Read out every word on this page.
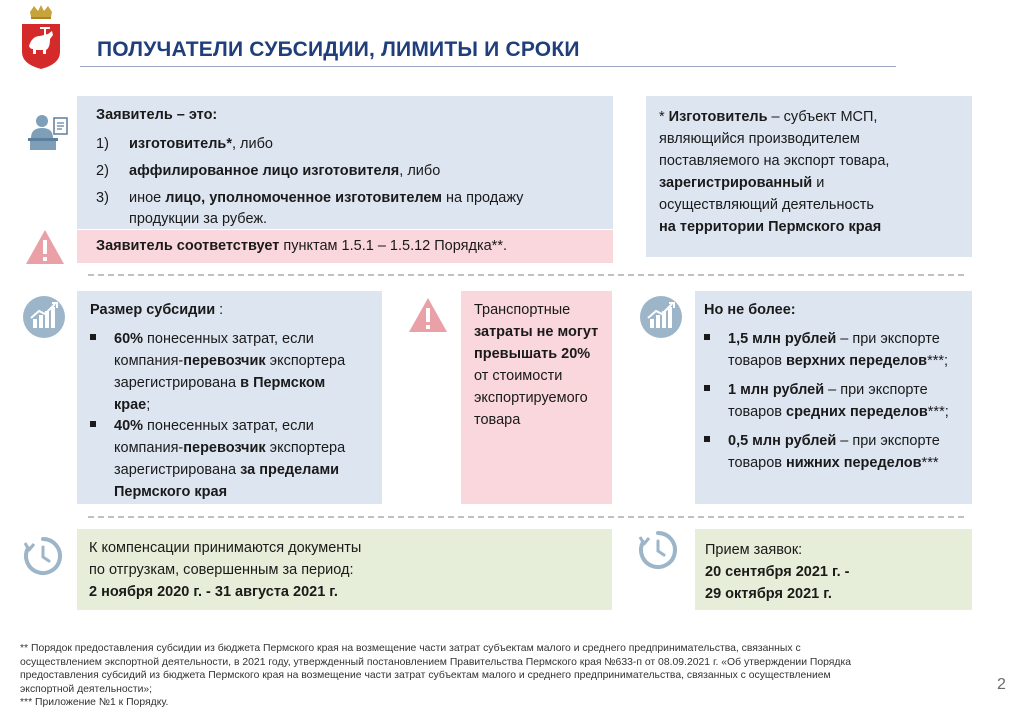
ПОЛУЧАТЕЛИ СУБСИДИИ, ЛИМИТЫ И СРОКИ
Заявитель – это:
1) изготовитель*, либо
2) аффилированное лицо изготовителя, либо
3) иное лицо, уполномоченное изготовителем на продажу
продукции за рубеж.
Заявитель соответствует пунктам 1.5.1 – 1.5.12 Порядка**.
* Изготовитель – субъект МСП,
являющийся производителем
поставляемого на экспорт товара,
зарегистрированный и
осуществляющий деятельность
на территории Пермского края
Размер субсидии :
60% понесенных затрат, если
компания-перевозчик экспортера
зарегистрирована в Пермском
крае;
40% понесенных затрат, если
компания-перевозчик экспортера
зарегистрирована за пределами
Пермского края
Транспортные
затраты не могут
превышать 20%
от стоимости
экспортируемого
товара
Но не более:
1,5 млн рублей – при экспорте
товаров верхних переделов***;
1 млн рублей – при экспорте
товаров средних переделов***;
0,5 млн рублей – при экспорте
товаров нижних переделов***
К компенсации принимаются документы
по отгрузкам, совершенным за период:
2 ноября 2020 г. - 31 августа 2021 г.
Прием заявок:
20 сентября 2021 г. -
29 октября 2021 г.
** Порядок предоставления субсидии из бюджета Пермского края на возмещение части затрат субъектам малого и среднего предпринимательства, связанных с
осуществлением экспортной деятельности, в 2021 году, утвержденный постановлением Правительства Пермского края №633-п от 08.09.2021 г. «Об утверждении Порядка
предоставления субсидий из бюджета Пермского края на возмещение части затрат субъектам малого и среднего предпринимательства, связанных с осуществлением
экспортной деятельности»;
*** Приложение №1 к Порядку.
2
